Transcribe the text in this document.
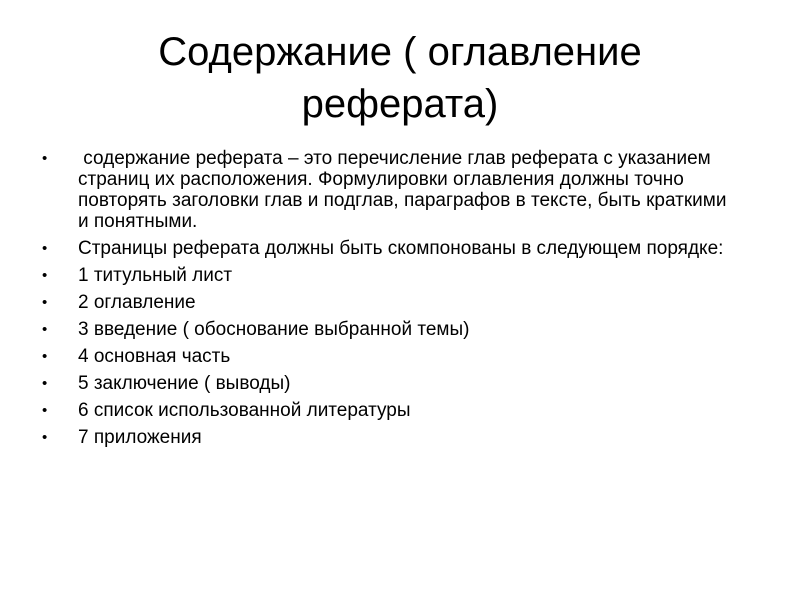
Содержание ( оглавление реферата)
• содержание реферата – это перечисление глав реферата с указанием страниц их расположения. Формулировки оглавления должны точно повторять заголовки глав и подглав, параграфов в тексте, быть краткими и понятными.
• Страницы реферата должны быть скомпонованы в следующем порядке:
• 1 титульный лист
• 2 оглавление
• 3 введение ( обоснование выбранной темы)
• 4 основная часть
• 5 заключение ( выводы)
• 6 список использованной литературы
• 7 приложения
